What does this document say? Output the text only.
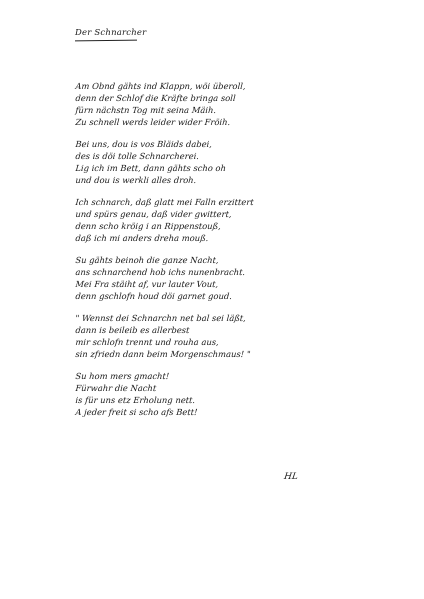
Der Schnarcher
Am Obnd gähts ind Klappn, wöi überoll,
denn der Schlof die Kräfte bringa soll
fürn nächstn Tog mit seina Mäih.
Zu schnell werds leider wider Fröih.
Bei uns, dou is vos Bläids dabei,
des is döi tolle Schnarcherei.
Lig ich im Bett, dann gähts scho oh
und dou is werkli alles droh.
Ich schnarch, daß glatt mei Falln erzittert
und spürs genau, daß vider gwittert,
denn scho kröig i an Rippenstouß,
daß ich mi anders dreha mouß.
Su gähts beinoh die ganze Nacht,
ans schnarchend hob ichs nunenbracht.
Mei Fra stäiht af, vur lauter Vout,
denn gschlofn houd döi garnet goud.
" Wennst dei Schnarchn net bal sei läßt,
dann is beileib es allerbest
mir schlofn trennt und rouha aus,
sin zfriedn dann beim Morgenschmaus! "
Su hom mers gmacht!
Fürwahr die Nacht
is für uns etz Erholung nett.
A jeder freit si scho afs Bett!
HL
